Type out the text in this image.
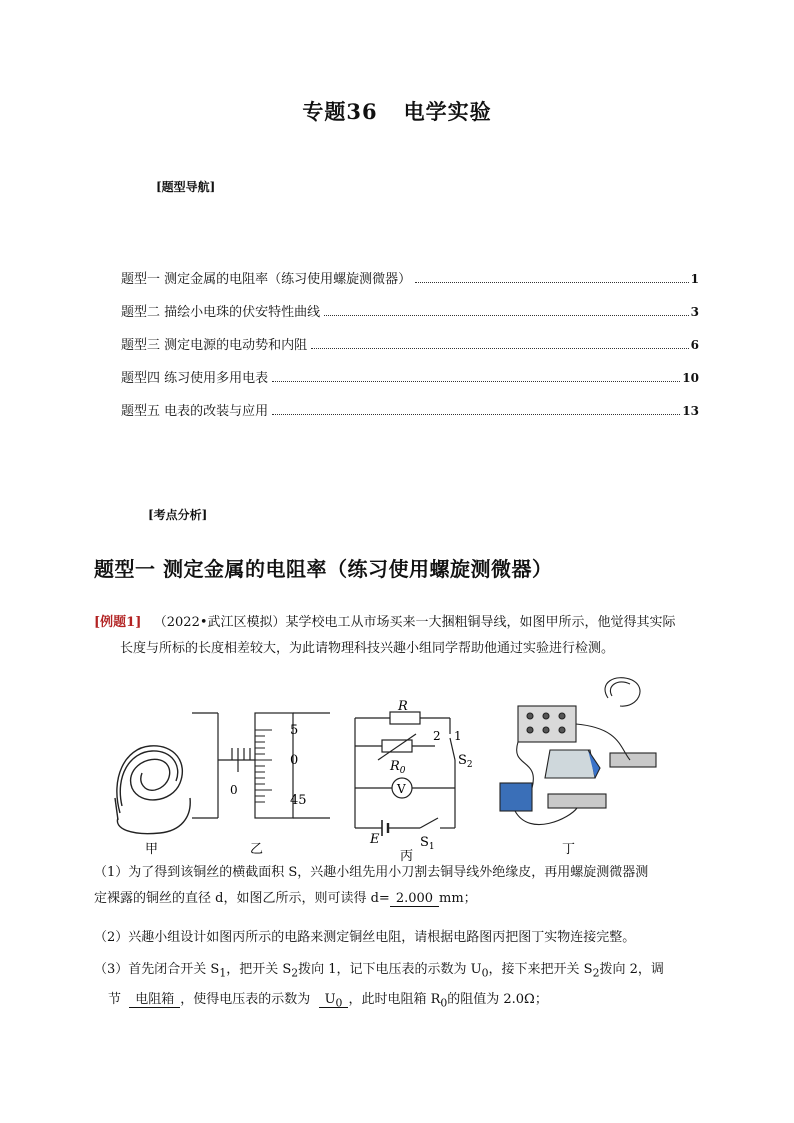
专题36 电学实验
[题型导航]
题型一 测定金属的电阻率（练习使用螺旋测微器）	1
题型二 描绘小电珠的伏安特性曲线	3
题型三 测定电源的电动势和内阻	6
题型四 练习使用多用电表	10
题型五 电表的改装与应用	13
[考点分析]
题型一 测定金属的电阻率（练习使用螺旋测微器）
[例题1] （2022•武江区模拟）某学校电工从市场买来一大捆粗铜导线，如图甲所示，他觉得其实际
长度与所标的长度相差较大，为此请物理科技兴趣小组同学帮助他通过实验进行检测。
甲
5
0
45
0
乙
R
$R_0$
2 1
$S_2$
V
E	$S_1$
丙	丁
（1）为了得到该铜丝的横截面积 S，兴趣小组先用小刀割去铜导线外绝缘皮，再用螺旋测微器测
定裸露的铜丝的直径 d，如图乙所示，则可读得 d= 2.000 mm；
（2）兴趣小组设计如图丙所示的电路来测定铜丝电阻，请根据电路图丙把图丁实物连接完整。
（3）首先闭合开关 $S_1$，把开关 $S_2$拨向 1，记下电压表的示数为 $U_0$，接下来把开关 $S_2$拨向 2，调
节 电阻箱 ，使得电压表的示数为 $U_0$ ，此时电阻箱 $R_0$的阻值为 2.0Ω；
